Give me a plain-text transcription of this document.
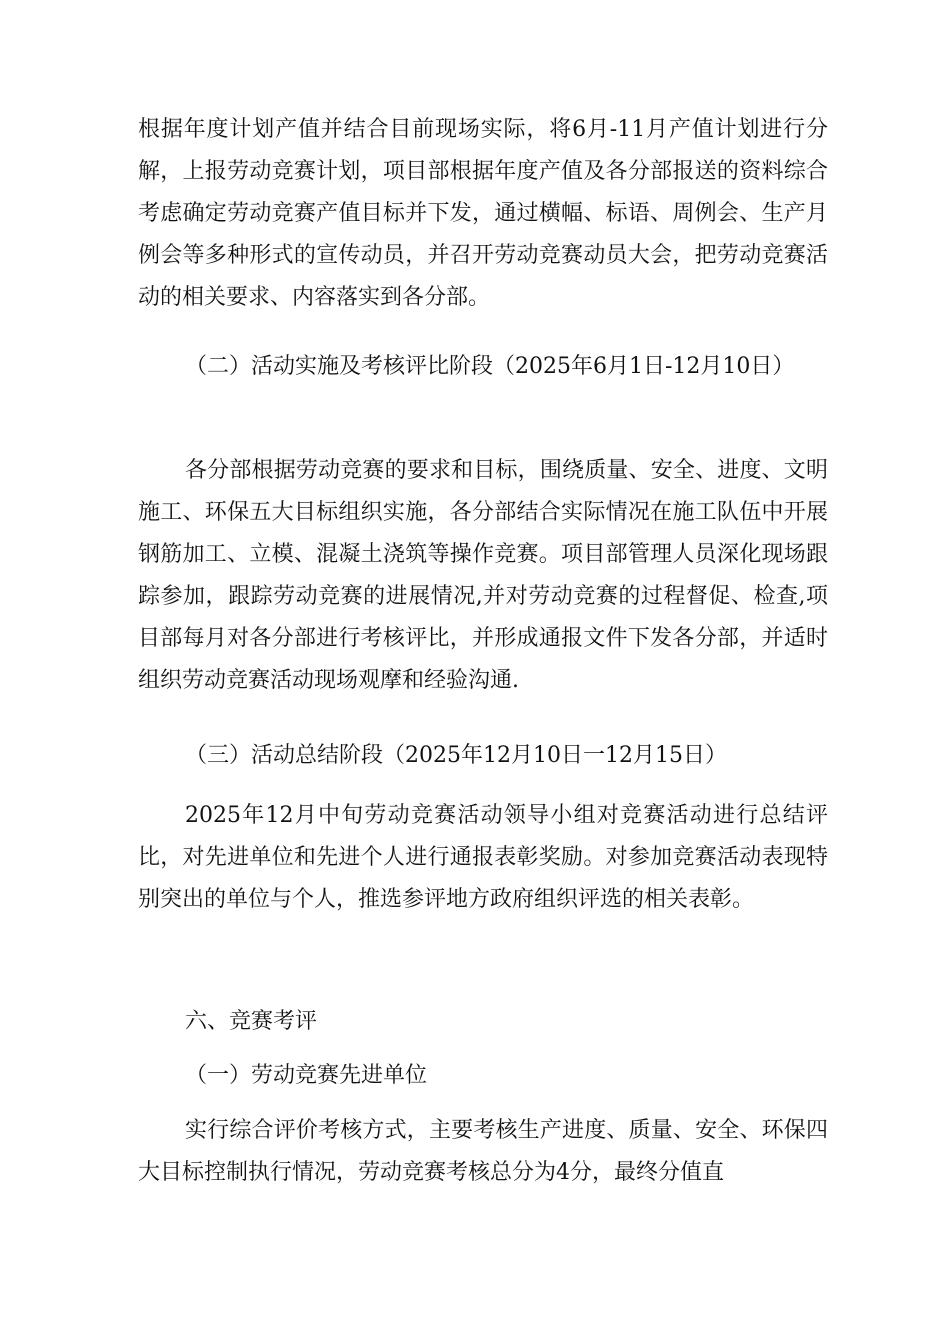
根据年度计划产值并结合目前现场实际，将6月-11月产值计划进行分解，上报劳动竞赛计划，项目部根据年度产值及各分部报送的资料综合考虑确定劳动竞赛产值目标并下发，通过横幅、标语、周例会、生产月例会等多种形式的宣传动员，并召开劳动竞赛动员大会，把劳动竞赛活动的相关要求、内容落实到各分部。

（二）活动实施及考核评比阶段（2025年6月1日-12月10日）

各分部根据劳动竞赛的要求和目标，围绕质量、安全、进度、文明施工、环保五大目标组织实施，各分部结合实际情况在施工队伍中开展钢筋加工、立模、混凝土浇筑等操作竞赛。项目部管理人员深化现场跟踪参加，跟踪劳动竞赛的进展情况,并对劳动竞赛的过程督促、检查,项目部每月对各分部进行考核评比，并形成通报文件下发各分部，并适时组织劳动竞赛活动现场观摩和经验沟通.

（三）活动总结阶段（2025年12月10日一12月15日）

2025年12月中旬劳动竞赛活动领导小组对竞赛活动进行总结评比，对先进单位和先进个人进行通报表彰奖励。对参加竞赛活动表现特别突出的单位与个人，推选参评地方政府组织评选的相关表彰。

六、竞赛考评

（一）劳动竞赛先进单位

实行综合评价考核方式，主要考核生产进度、质量、安全、环保四大目标控制执行情况，劳动竞赛考核总分为4分，最终分值直
